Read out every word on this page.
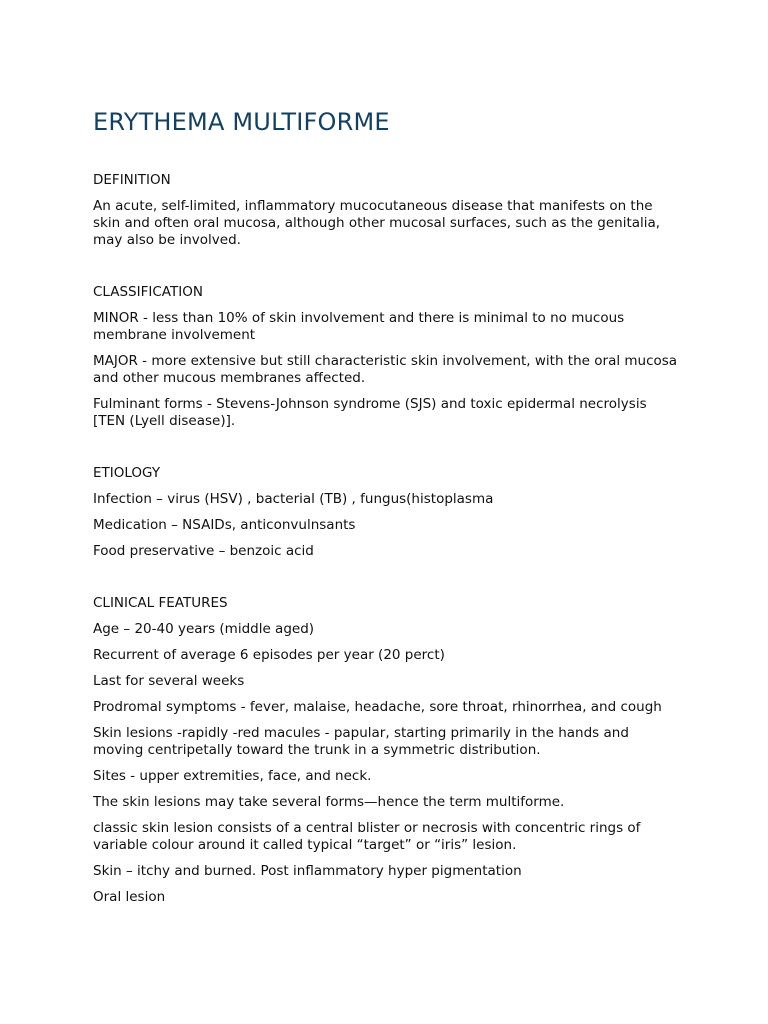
ERYTHEMA MULTIFORME
DEFINITION
An acute, self-limited, inflammatory mucocutaneous disease that manifests on the skin and often oral mucosa, although other mucosal surfaces, such as the genitalia, may also be involved.
CLASSIFICATION
MINOR - less than 10% of skin involvement and there is minimal to no mucous membrane involvement
MAJOR - more extensive but still characteristic skin involvement, with the oral mucosa and other mucous membranes affected.
Fulminant forms - Stevens-Johnson syndrome (SJS) and toxic epidermal necrolysis [TEN (Lyell disease)].
ETIOLOGY
Infection – virus (HSV) , bacterial (TB) , fungus(histoplasma
Medication – NSAIDs, anticonvulnsants
Food preservative – benzoic acid
CLINICAL FEATURES
Age – 20-40 years (middle aged)
Recurrent of average 6 episodes per year (20 perct)
Last for several weeks
Prodromal symptoms - fever, malaise, headache, sore throat, rhinorrhea, and cough
Skin lesions -rapidly -red macules - papular, starting primarily in the hands and moving centripetally toward the trunk in a symmetric distribution.
Sites - upper extremities, face, and neck.
The skin lesions may take several forms—hence the term multiforme.
classic skin lesion consists of a central blister or necrosis with concentric rings of variable colour around it called typical “target” or “iris” lesion.
Skin – itchy and burned. Post inflammatory hyper pigmentation
Oral lesion
